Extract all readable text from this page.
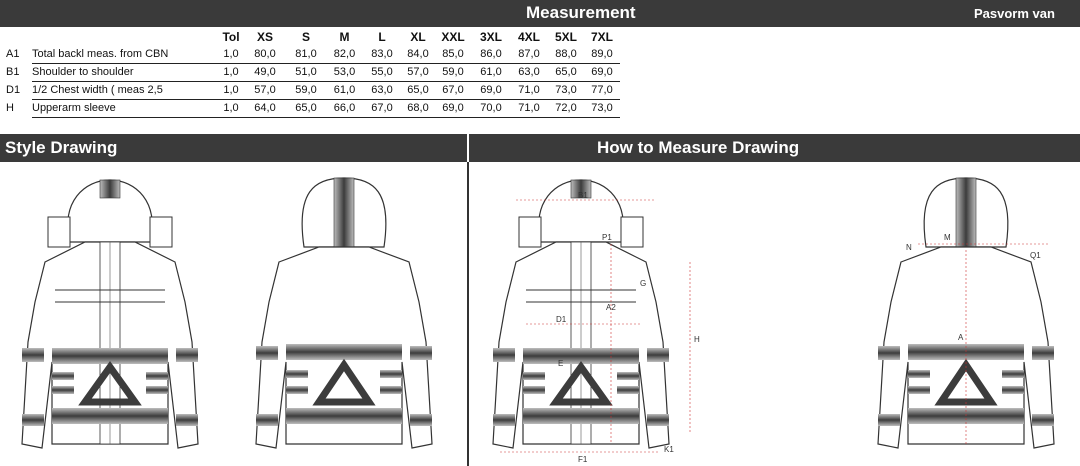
Measurement	Pasvorm van
		Tol	XS	S	M	L	XL	XXL	3XL	4XL	5XL	7XL
A1	Total backl meas. from CBN	1,0	80,0	81,0	82,0	83,0	84,0	85,0	86,0	87,0	88,0	89,0
B1	Shoulder to shoulder	1,0	49,0	51,0	53,0	55,0	57,0	59,0	61,0	63,0	65,0	69,0
D1	1/2 Chest width ( meas 2,5	1,0	57,0	59,0	61,0	63,0	65,0	67,0	69,0	71,0	73,0	77,0
H	Upperarm sleeve	1,0	64,0	65,0	66,0	67,0	68,0	69,0	70,0	71,0	72,0	73,0
Style Drawing	How to Measure Drawing
B1
P1
A2
D1
E
G
H
F1
K1
N
M
Q1
A
